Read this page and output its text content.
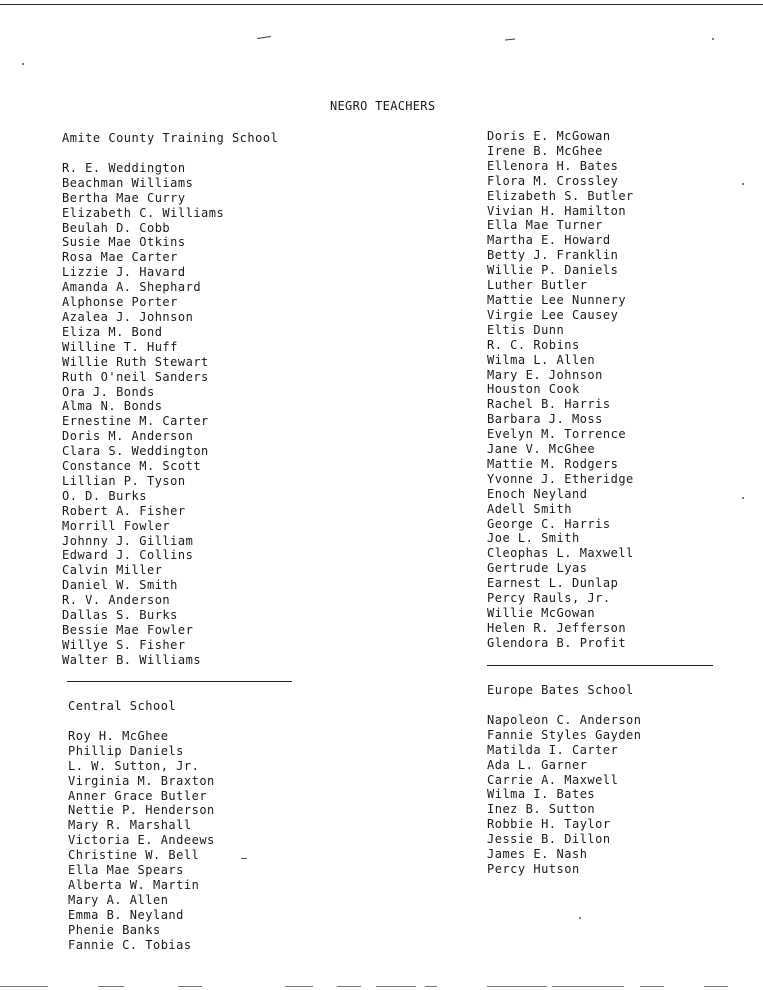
NEGRO TEACHERS
Amite County Training School
R. E. Weddington
Beachman Williams
Bertha Mae Curry
Elizabeth C. Williams
Beulah D. Cobb
Susie Mae Otkins
Rosa Mae Carter
Lizzie J. Havard
Amanda A. Shephard
Alphonse Porter
Azalea J. Johnson
Eliza M. Bond
Willine T. Huff
Willie Ruth Stewart
Ruth O'neil Sanders
Ora J. Bonds
Alma N. Bonds
Ernestine M. Carter
Doris M. Anderson
Clara S. Weddington
Constance M. Scott
Lillian P. Tyson
O. D. Burks
Robert A. Fisher
Morrill Fowler
Johnny J. Gilliam
Edward J. Collins
Calvin Miller
Daniel W. Smith
R. V. Anderson
Dallas S. Burks
Bessie Mae Fowler
Willye S. Fisher
Walter B. Williams
Doris E. McGowan
Irene B. McGhee
Ellenora H. Bates
Flora M. Crossley
Elizabeth S. Butler
Vivian H. Hamilton
Ella Mae Turner
Martha E. Howard
Betty J. Franklin
Willie P. Daniels
Luther Butler
Mattie Lee Nunnery
Virgie Lee Causey
Eltis Dunn
R. C. Robins
Wilma L. Allen
Mary E. Johnson
Houston Cook
Rachel B. Harris
Barbara J. Moss
Evelyn M. Torrence
Jane V. McGhee
Mattie M. Rodgers
Yvonne J. Etheridge
Enoch Neyland
Adell Smith
George C. Harris
Joe L. Smith
Cleophas L. Maxwell
Gertrude Lyas
Earnest L. Dunlap
Percy Rauls, Jr.
Willie McGowan
Helen R. Jefferson
Glendora B. Profit
Central School
Roy H. McGhee
Phillip Daniels
L. W. Sutton, Jr.
Virginia M. Braxton
Anner Grace Butler
Nettie P. Henderson
Mary R. Marshall
Victoria E. Andeews
Christine W. Bell
Ella Mae Spears
Alberta W. Martin
Mary A. Allen
Emma B. Neyland
Phenie Banks
Fannie C. Tobias
Europe Bates School
Napoleon C. Anderson
Fannie Styles Gayden
Matilda I. Carter
Ada L. Garner
Carrie A. Maxwell
Wilma I. Bates
Inez B. Sutton
Robbie H. Taylor
Jessie B. Dillon
James E. Nash
Percy Hutson
